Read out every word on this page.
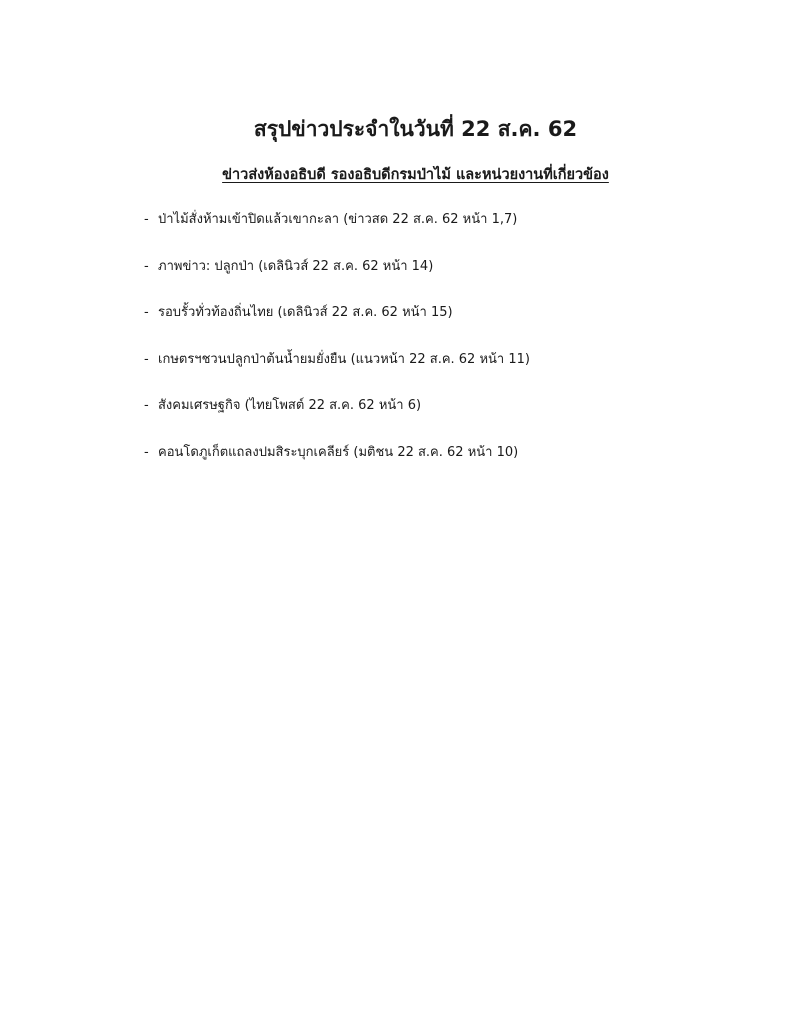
สรุปข่าวประจำในวันที่ 22 ส.ค. 62
ข่าวส่งห้องอธิบดี รองอธิบดีกรมป่าไม้ และหน่วยงานที่เกี่ยวข้อง
- ป่าไม้สั่งห้ามเข้าปิดแล้วเขากะลา (ข่าวสด 22 ส.ค. 62 หน้า 1,7)
- ภาพข่าว: ปลูกป่า (เดลินิวส์ 22 ส.ค. 62 หน้า 14)
- รอบรั้วทั่วท้องถิ่นไทย (เดลินิวส์ 22 ส.ค. 62 หน้า 15)
- เกษตรฯชวนปลูกป่าต้นน้ำยมยั่งยืน (แนวหน้า 22 ส.ค. 62 หน้า 11)
- สังคมเศรษฐกิจ (ไทยโพสต์ 22 ส.ค. 62 หน้า 6)
- คอนโดภูเก็ตแถลงปมสิระบุกเคลียร์ (มติชน 22 ส.ค. 62 หน้า 10)
